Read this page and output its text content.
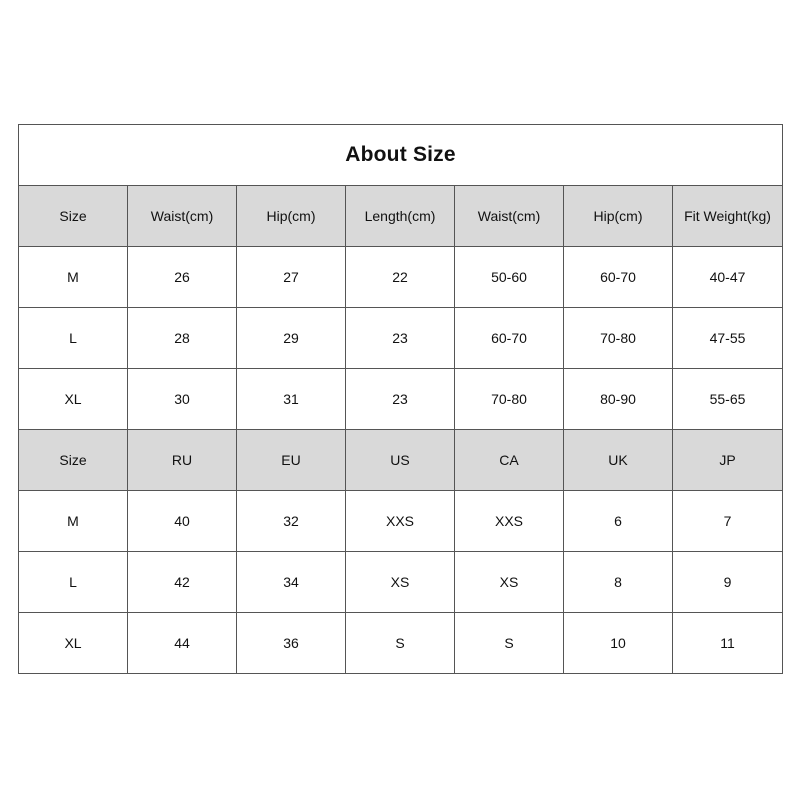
About Size						
Size	Waist(cm)	Hip(cm)	Length(cm)	Waist(cm)	Hip(cm)	Fit Weight(kg)
M	26	27	22	50-60	60-70	40-47
L	28	29	23	60-70	70-80	47-55
XL	30	31	23	70-80	80-90	55-65
Size	RU	EU	US	CA	UK	JP
M	40	32	XXS	XXS	6	7
L	42	34	XS	XS	8	9
XL	44	36	S	S	10	11
